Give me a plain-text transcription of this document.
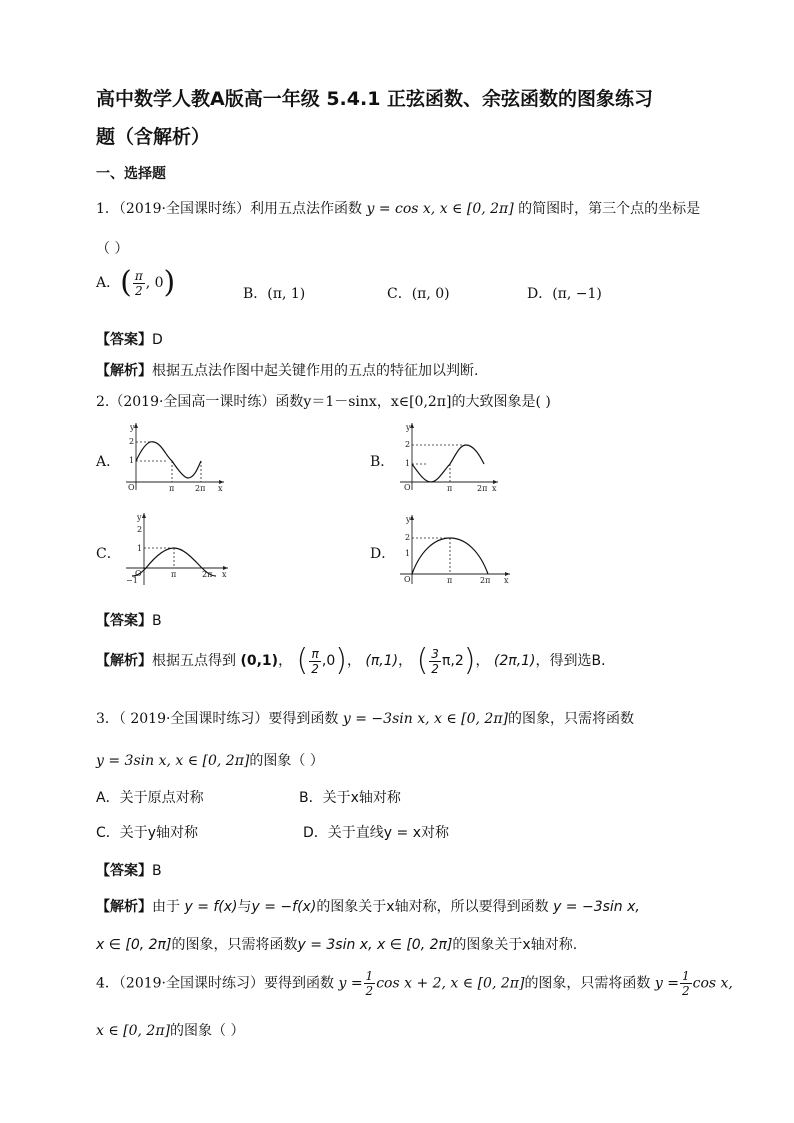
高中数学人教A版高一年级 5.4.1 正弦函数、余弦函数的图象练习
题（含解析）
一、选择题
1．（2019·全国课时练）利用五点法作函数 y = cos x, x ∈ [0, 2π] 的简图时，第三个点的坐标是
（ ）
A．( $\frac{\pi}{2}$ , 0)	B．(π, 1)	C．(π, 0)	D．(π, −1)
【答案】D
【解析】根据五点法作图中起关键作用的五点的特征加以判断.
2.（2019·全国高一课时练）函数y＝1－sinx，x∈[0,2π]的大致图象是( )
A．	B．
C．	D．
y
2
1
O	π	2π x
y
2
1
O	π	2π x
y
2
1
O
−1
π	2π x
y
2
1
O	π	2π x
【答案】B
【解析】根据五点得到 (0,1)， ( $\frac{\pi}{2} ,0$)， (π,1)， ( $\frac{3}{2} \pi,2$)， (2π,1)，得到选B．
3．（ 2019·全国课时练习）要得到函数 y = −3sin x, x ∈ [0, 2π]的图象，只需将函数
y = 3sin x, x ∈ [0, 2π]的图象（ ）
A．关于原点对称	B．关于x轴对称
C．关于y轴对称	D．关于直线y = x对称
【答案】B
【解析】由于 y = f(x)与y = −f(x)的图象关于x轴对称，所以要得到函数 y = −3sin x,
x ∈ [0, 2π]的图象，只需将函数y = 3sin x, x ∈ [0, 2π]的图象关于x轴对称.
4．（2019·全国课时练习）要得到函数 $y = \frac{1}{2}$ cos x + 2, x ∈ [0, 2π]的图象，只需将函数 $y = \frac{1}{2}$ cos x,
x ∈ [0, 2π]的图象（ ）
